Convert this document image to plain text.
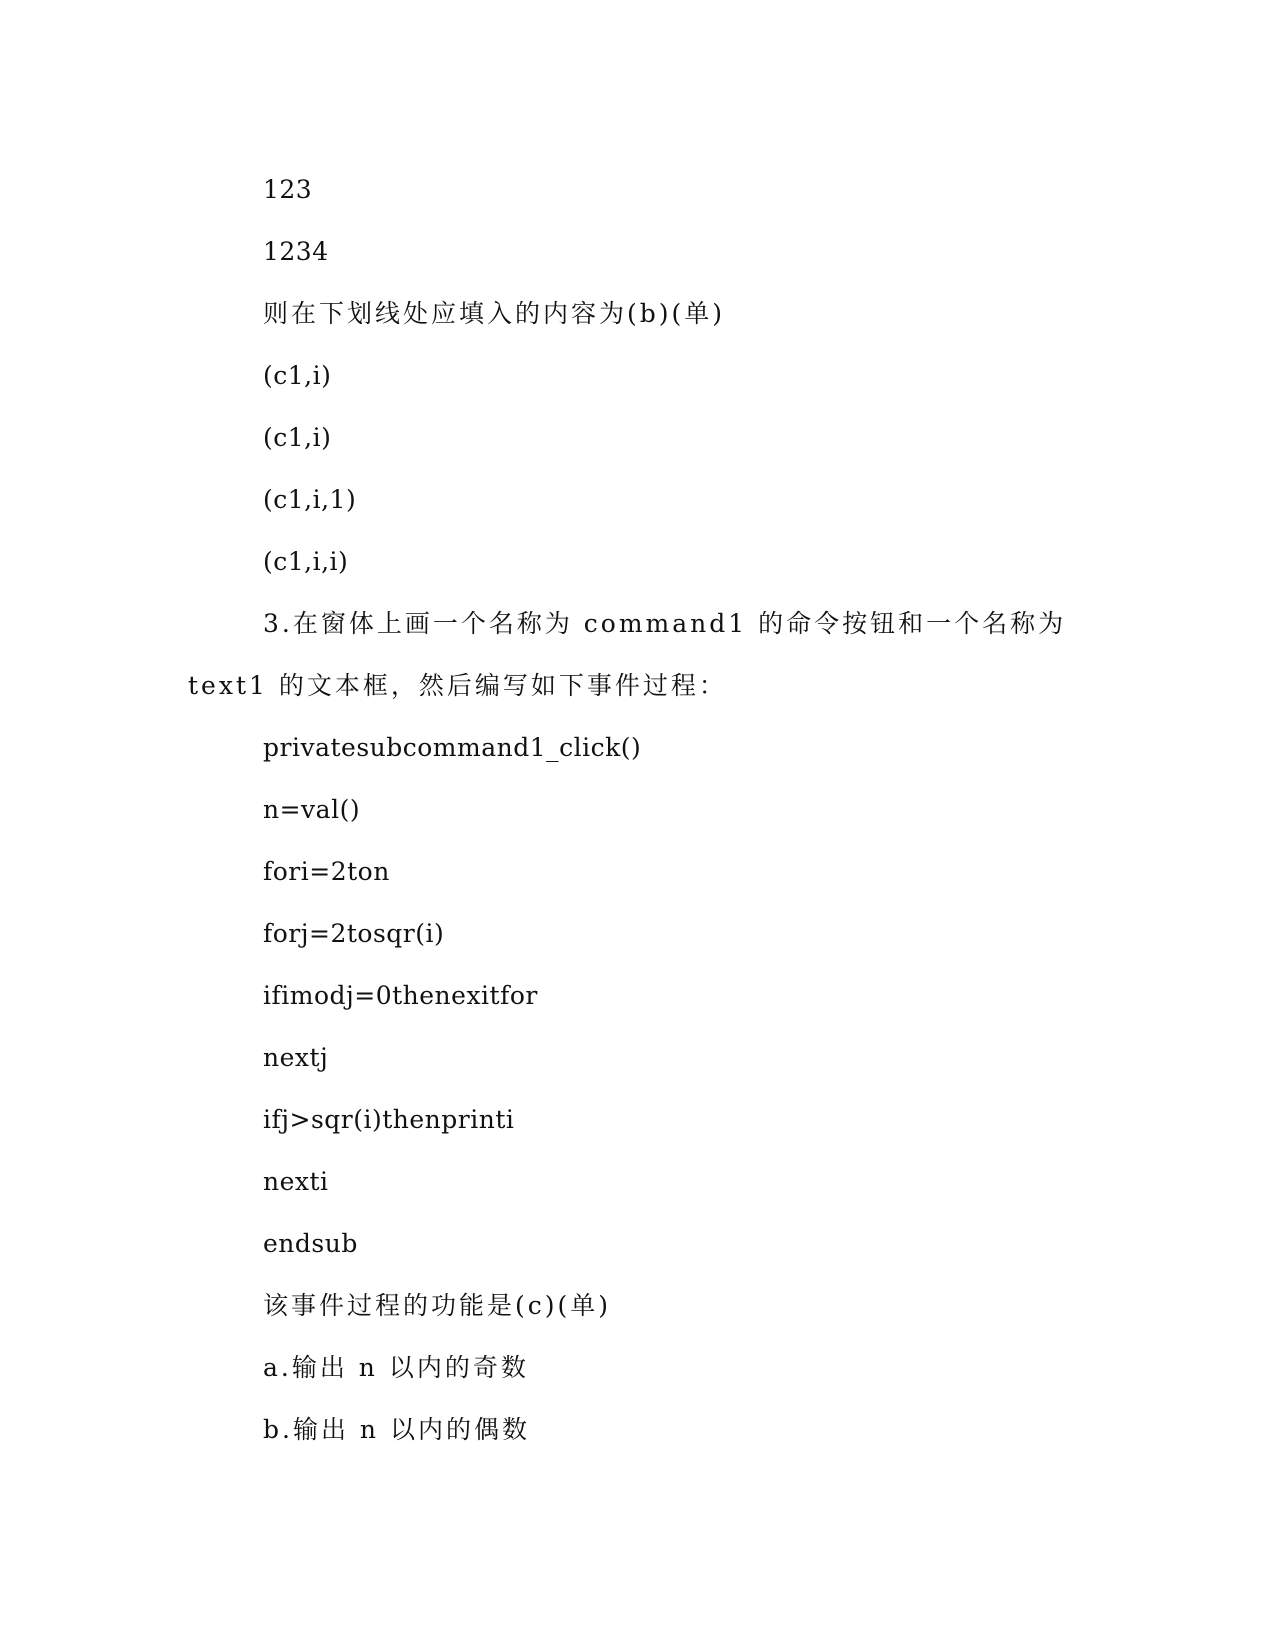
123
1234
则在下划线处应填入的内容为(b)(单)
(c1,i)
(c1,i)
(c1,i,1)
(c1,i,i)
3.在窗体上画一个名称为 command1 的命令按钮和一个名称为
text1 的文本框，然后编写如下事件过程：
privatesubcommand1_click()
n=val()
fori=2ton
forj=2tosqr(i)
ifimodj=0thenexitfor
nextj
ifj>sqr(i)thenprinti
nexti
endsub
该事件过程的功能是(c)(单)
a.输出 n 以内的奇数
b.输出 n 以内的偶数
